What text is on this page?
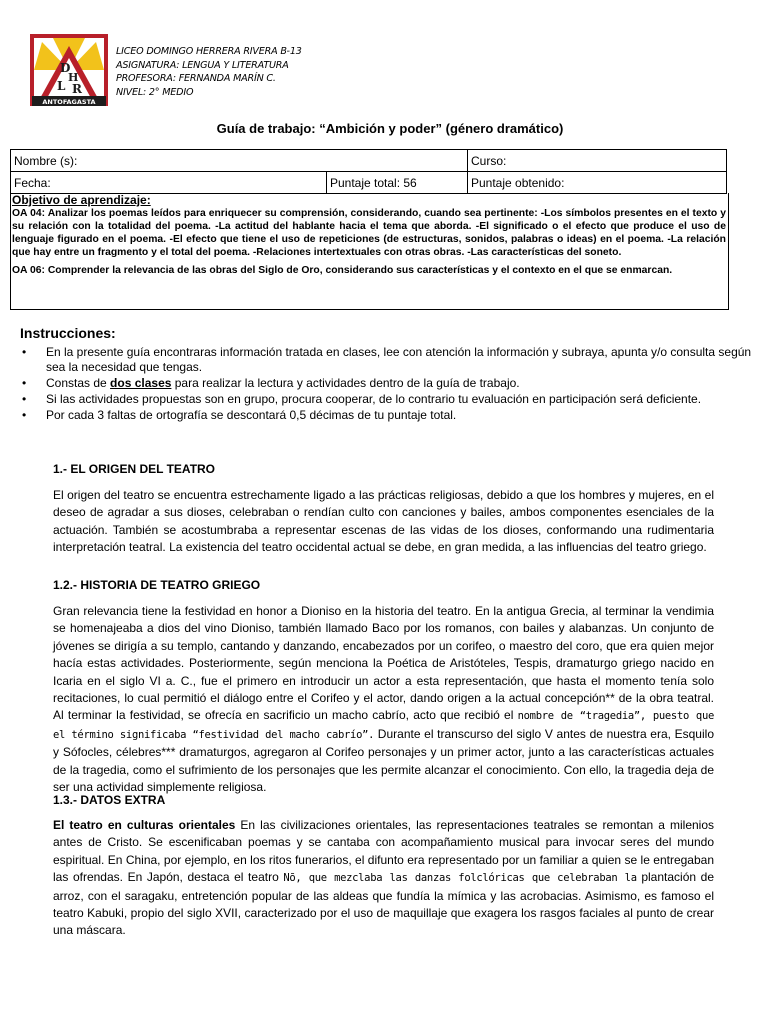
D
H
L R
ANTOFAGASTA
LICEO DOMINGO HERRERA RIVERA B-13
ASIGNATURA: LENGUA Y LITERATURA
PROFESORA: FERNANDA MARÍN C.
NIVEL: 2° MEDIO
Guía de trabajo: “Ambición y poder” (género dramático)
Nombre (s):		Curso:
Fecha:	Puntaje total: 56	Puntaje obtenido:
Objetivo de aprendizaje:
OA 04: Analizar los poemas leídos para enriquecer su comprensión, considerando, cuando sea pertinente: -Los símbolos presentes en el texto y su relación con la totalidad del poema. -La actitud del hablante hacia el tema que aborda. -El significado o el efecto que produce el uso de lenguaje figurado en el poema. -El efecto que tiene el uso de repeticiones (de estructuras, sonidos, palabras o ideas) en el poema. -La relación que hay entre un fragmento y el total del poema. -Relaciones intertextuales con otras obras. -Las características del soneto.
OA 06: Comprender la relevancia de las obras del Siglo de Oro, considerando sus características y el contexto en el que se enmarcan.
Instrucciones:
• En la presente guía encontraras información tratada en clases, lee con atención la información y subraya, apunta y/o consulta según sea la necesidad que tengas.
• Constas de dos clases para realizar la lectura y actividades dentro de la guía de trabajo.
• Si las actividades propuestas son en grupo, procura cooperar, de lo contrario tu evaluación en participación será deficiente.
• Por cada 3 faltas de ortografía se descontará 0,5 décimas de tu puntaje total.
1.- EL ORIGEN DEL TEATRO

El origen del teatro se encuentra estrechamente ligado a las prácticas religiosas, debido a que los hombres y mujeres, en el deseo de agradar a sus dioses, celebraban o rendían culto con canciones y bailes, ambos componentes esenciales de la actuación. También se acostumbraba a representar escenas de las vidas de los dioses, conformando una rudimentaria interpretación teatral. La existencia del teatro occidental actual se debe, en gran medida, a las influencias del teatro griego.

1.2.- HISTORIA DE TEATRO GRIEGO

Gran relevancia tiene la festividad en honor a Dioniso en la historia del teatro. En la antigua Grecia, al terminar la vendimia se homenajeaba a dios del vino Dioniso, también llamado Baco por los romanos, con bailes y alabanzas. Un conjunto de jóvenes se dirigía a su templo, cantando y danzando, encabezados por un corifeo, o maestro del coro, que era quien mejor hacía estas actividades. Posteriormente, según menciona la Poética de Aristóteles, Tespis, dramaturgo griego nacido en Icaria en el siglo VI a. C., fue el primero en introducir un actor a esta representación, que hasta el momento tenía solo recitaciones, lo cual permitió el diálogo entre el Corifeo y el actor, dando origen a la actual concepción** de la obra teatral. Al terminar la festividad, se ofrecía en sacrificio un macho cabrío, acto que recibió el nombre de “tragedia”, puesto que el término significaba “festividad del macho cabrío”. Durante el transcurso del siglo V antes de nuestra era, Esquilo y Sófocles, célebres*** dramaturgos, agregaron al Corifeo personajes y un primer actor, junto a las características actuales de la tragedia, como el sufrimiento de los personajes que les permite alcanzar el conocimiento. Con ello, la tragedia deja de ser una actividad simplemente religiosa.

1.3.- DATOS EXTRA

El teatro en culturas orientales En las civilizaciones orientales, las representaciones teatrales se remontan a milenios antes de Cristo. Se escenificaban poemas y se cantaba con acompañamiento musical para invocar seres del mundo espiritual. En China, por ejemplo, en los ritos funerarios, el difunto era representado por un familiar a quien se le entregaban las ofrendas. En Japón, destaca el teatro Nō, que mezclaba las danzas folclóricas que celebraban la plantación de arroz, con el saragaku, entretención popular de las aldeas que fundía la mímica y las acrobacias. Asimismo, es famoso el teatro Kabuki, propio del siglo XVII, caracterizado por el uso de maquillaje que exagera los rasgos faciales al punto de crear una máscara.
